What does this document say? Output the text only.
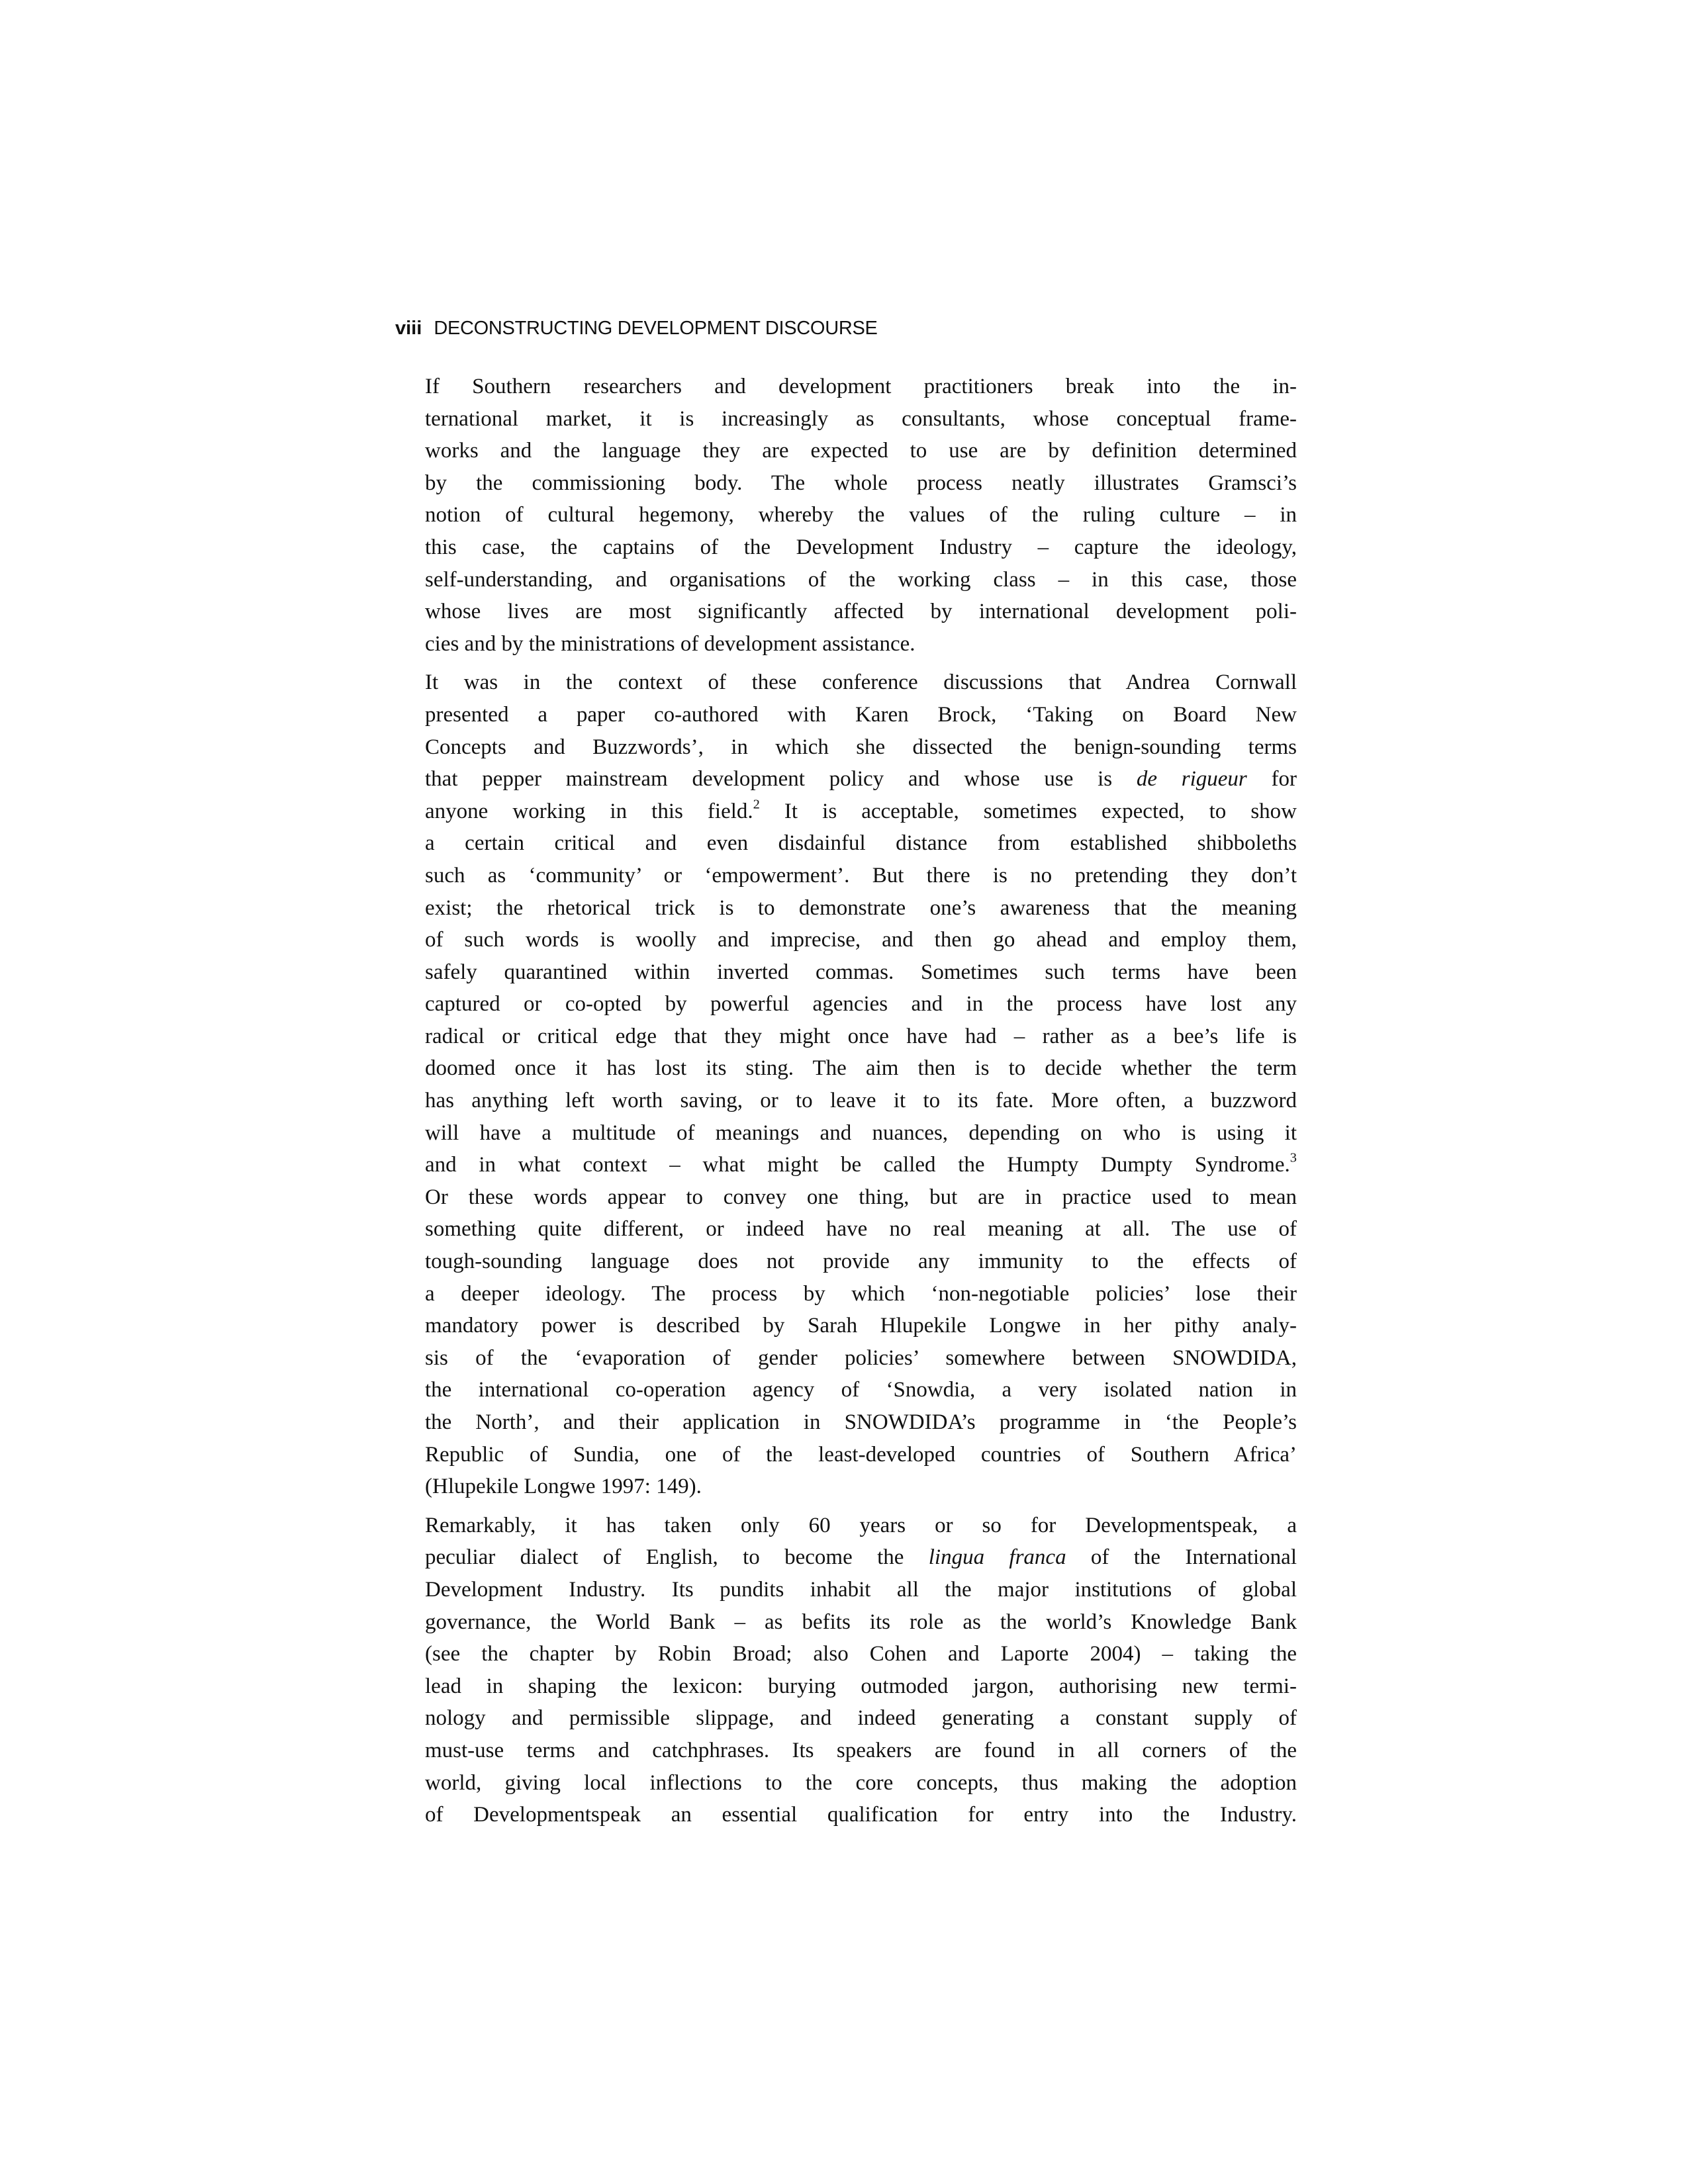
viii DECONSTRUCTING DEVELOPMENT DISCOURSE

If Southern researchers and development practitioners break into the in-
ternational market, it is increasingly as consultants, whose conceptual frame-
works and the language they are expected to use are by definition determined
by the commissioning body. The whole process neatly illustrates Gramsci’s
notion of cultural hegemony, whereby the values of the ruling culture – in
this case, the captains of the Development Industry – capture the ideology,
self-understanding, and organisations of the working class – in this case, those
whose lives are most significantly affected by international development poli-
cies and by the ministrations of development assistance.

It was in the context of these conference discussions that Andrea Cornwall
presented a paper co-authored with Karen Brock, ‘Taking on Board New
Concepts and Buzzwords’, in which she dissected the benign-sounding terms
that pepper mainstream development policy and whose use is de rigueur for
anyone working in this field.$^2$ It is acceptable, sometimes expected, to show
a certain critical and even disdainful distance from established shibboleths
such as ‘community’ or ‘empowerment’. But there is no pretending they don’t
exist; the rhetorical trick is to demonstrate one’s awareness that the meaning
of such words is woolly and imprecise, and then go ahead and employ them,
safely quarantined within inverted commas. Sometimes such terms have been
captured or co-opted by powerful agencies and in the process have lost any
radical or critical edge that they might once have had – rather as a bee’s life is
doomed once it has lost its sting. The aim then is to decide whether the term
has anything left worth saving, or to leave it to its fate. More often, a buzzword
will have a multitude of meanings and nuances, depending on who is using it
and in what context – what might be called the Humpty Dumpty Syndrome.$^3$
Or these words appear to convey one thing, but are in practice used to mean
something quite different, or indeed have no real meaning at all. The use of
tough-sounding language does not provide any immunity to the effects of
a deeper ideology. The process by which ‘non-negotiable policies’ lose their
mandatory power is described by Sarah Hlupekile Longwe in her pithy analy-
sis of the ‘evaporation of gender policies’ somewhere between SNOWDIDA,
the international co-operation agency of ‘Snowdia, a very isolated nation in
the North’, and their application in SNOWDIDA’s programme in ‘the People’s
Republic of Sundia, one of the least-developed countries of Southern Africa’
(Hlupekile Longwe 1997: 149).

Remarkably, it has taken only 60 years or so for Developmentspeak, a
peculiar dialect of English, to become the lingua franca of the International
Development Industry. Its pundits inhabit all the major institutions of global
governance, the World Bank – as befits its role as the world’s Knowledge Bank
(see the chapter by Robin Broad; also Cohen and Laporte 2004) – taking the
lead in shaping the lexicon: burying outmoded jargon, authorising new termi-
nology and permissible slippage, and indeed generating a constant supply of
must-use terms and catchphrases. Its speakers are found in all corners of the
world, giving local inflections to the core concepts, thus making the adoption
of Developmentspeak an essential qualification for entry into the Industry.
